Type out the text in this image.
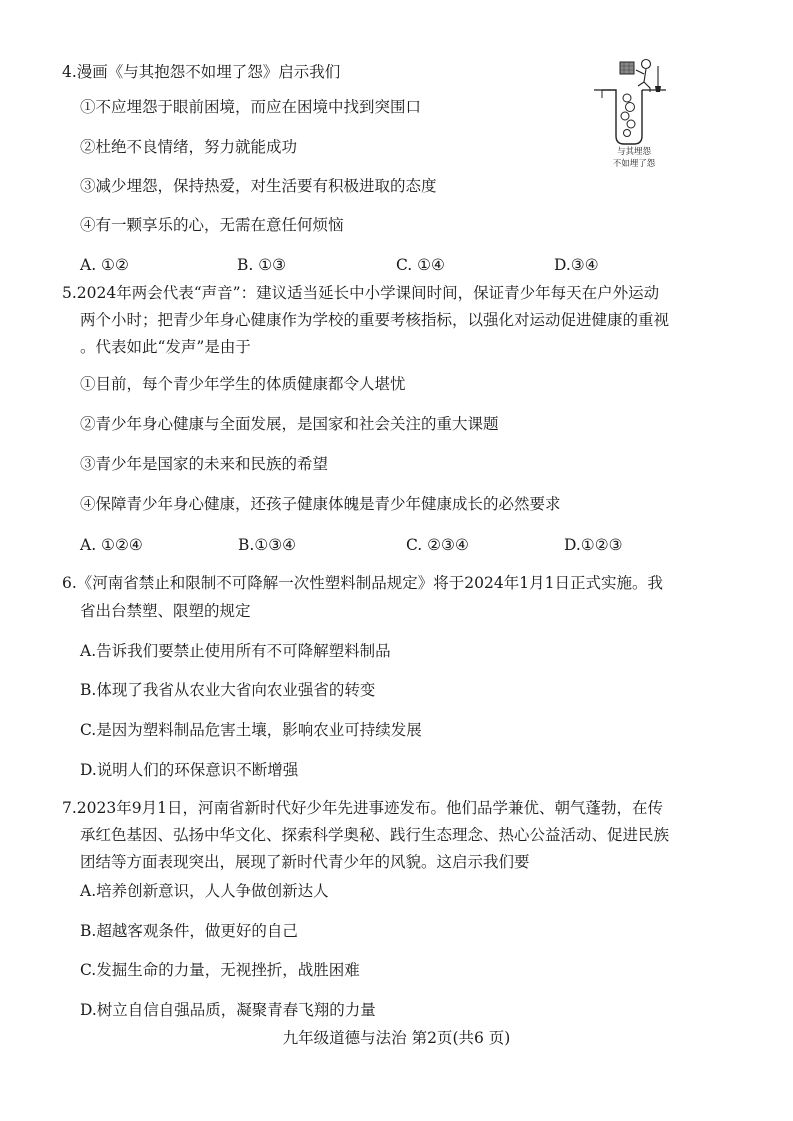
4.漫画《与其抱怨不如埋了怨》启示我们
与其埋怨
不如埋了怨
①不应埋怨于眼前困境，而应在困境中找到突围口
②杜绝不良情绪，努力就能成功
③减少埋怨，保持热爱，对生活要有积极进取的态度
④有一颗享乐的心，无需在意任何烦恼
A. ①②	B. ①③	C. ①④	D.③④
5.2024年两会代表“声音”：建议适当延长中小学课间时间，保证青少年每天在户外运动
两个小时；把青少年身心健康作为学校的重要考核指标，以强化对运动促进健康的重视
。代表如此“发声”是由于
①目前，每个青少年学生的体质健康都令人堪忧
②青少年身心健康与全面发展，是国家和社会关注的重大课题
③青少年是国家的未来和民族的希望
④保障青少年身心健康，还孩子健康体魄是青少年健康成长的必然要求
A. ①②④	B.①③④	C. ②③④	D.①②③
6.《河南省禁止和限制不可降解一次性塑料制品规定》将于2024年1月1日正式实施。我
省出台禁塑、限塑的规定
A.告诉我们要禁止使用所有不可降解塑料制品
B.体现了我省从农业大省向农业强省的转变
C.是因为塑料制品危害土壤，影响农业可持续发展
D.说明人们的环保意识不断增强
7.2023年9月1日，河南省新时代好少年先进事迹发布。他们品学兼优、朝气蓬勃，在传
承红色基因、弘扬中华文化、探索科学奥秘、践行生态理念、热心公益活动、促进民族
团结等方面表现突出，展现了新时代青少年的风貌。这启示我们要
A.培养创新意识，人人争做创新达人
B.超越客观条件，做更好的自己
C.发掘生命的力量，无视挫折，战胜困难
D.树立自信自强品质，凝聚青春飞翔的力量
九年级道德与法治 第2页(共6 页)
